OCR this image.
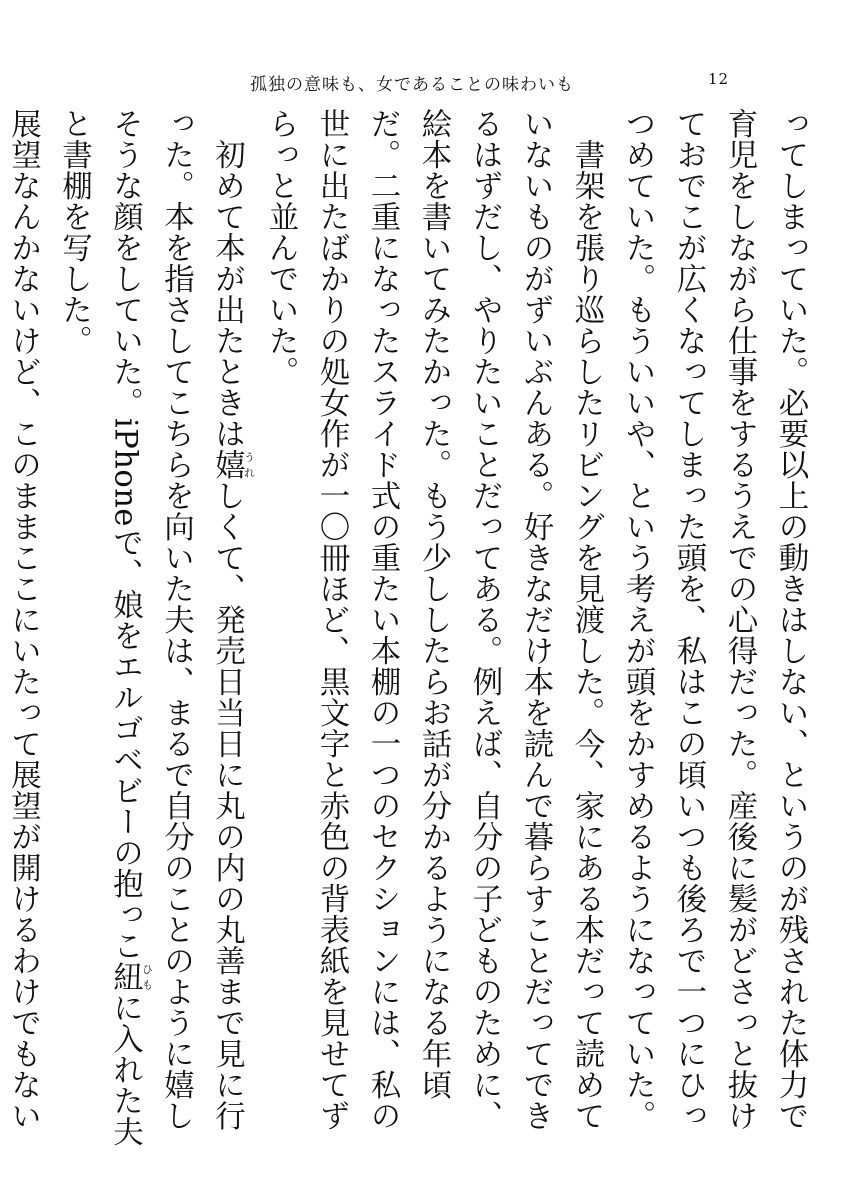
孤独の意味も、女であることの味わいも	12

ってしまっていた。必要以上の動きはしない、というのが残された体力で育児をしながら仕事をするうえでの心得だった。産後に髪がどさっと抜けておでこが広くなってしまった頭を、私はこの頃いつも後ろで一つにひっつめていた。もういいや、という考えが頭をかすめるようになっていた。

書架を張り巡らしたリビングを見渡した。今、家にある本だって読めていないものがずいぶんある。好きなだけ本を読んで暮らすことだってできるはずだし、やりたいことだってある。例えば、自分の子どものために、絵本を書いてみたかった。もう少ししたらお話が分かるようになる年頃だ。二重になったスライド式の重たい本棚の一つのセクションには、私の世に出たばかりの処女作が一〇冊ほど、黒文字と赤色の背表紙を見せてずらっと並んでいた。

初めて本が出たときは嬉うれしくて、発売日当日に丸の内の丸善まで見に行った。本を指さしてこちらを向いた夫は、まるで自分のことのように嬉しそうな顔をしていた。iPhoneで、娘をエルゴベビーの抱っこ紐ひもに入れた夫と書棚を写した。

展望なんかないけど、このままここにいたって展望が開けるわけでもない
